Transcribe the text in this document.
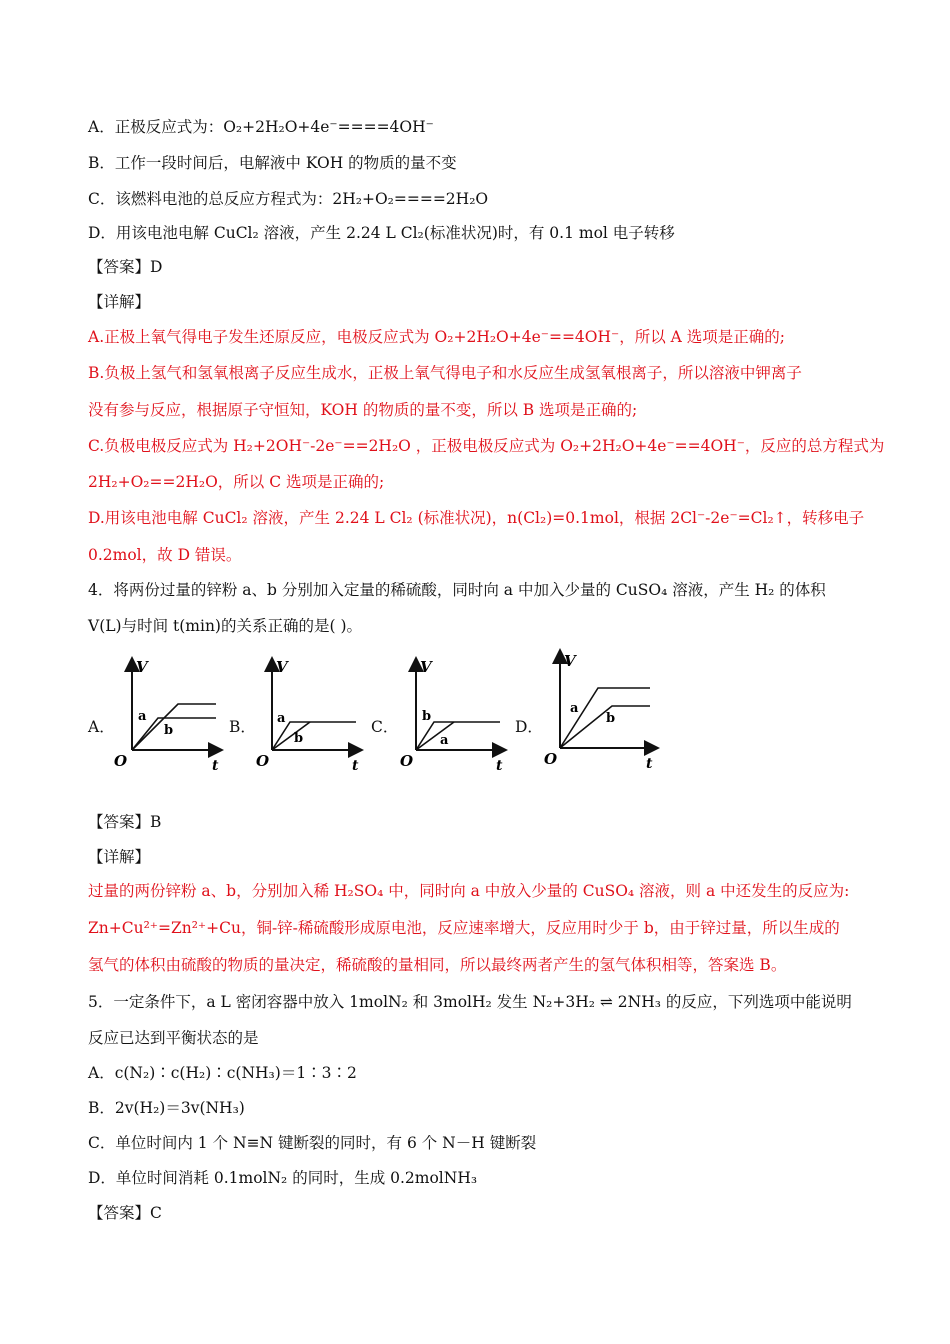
A．正极反应式为：O₂+2H₂O+4e⁻====4OH⁻
B．工作一段时间后，电解液中 KOH 的物质的量不变
C．该燃料电池的总反应方程式为：2H₂+O₂====2H₂O
D．用该电池电解 CuCl₂ 溶液，产生 2.24 L Cl₂(标准状况)时，有 0.1 mol 电子转移
【答案】D
【详解】
A.正极上氧气得电子发生还原反应，电极反应式为 O₂+2H₂O+4e⁻==4OH⁻，所以 A 选项是正确的;
B.负极上氢气和氢氧根离子反应生成水，正极上氧气得电子和水反应生成氢氧根离子，所以溶液中钾离子
没有参与反应，根据原子守恒知，KOH 的物质的量不变，所以 B 选项是正确的;
C.负极电极反应式为 H₂+2OH⁻-2e⁻==2H₂O ，正极电极反应式为 O₂+2H₂O+4e⁻==4OH⁻，反应的总方程式为
2H₂+O₂==2H₂O，所以 C 选项是正确的;
D.用该电池电解 CuCl₂ 溶液，产生 2.24 L Cl₂ (标准状况)，n(Cl₂)=0.1mol，根据 2Cl⁻-2e⁻=Cl₂↑，转移电子
0.2mol，故 D 错误。
4．将两份过量的锌粉 a、b 分别加入定量的稀硫酸，同时向 a 中加入少量的 CuSO₄ 溶液，产生 H₂ 的体积
V(L)与时间 t(min)的关系正确的是( )。
A．	B．	C．	D．
V
O	t
a
b
V
O	t
a
b
V
O	t
b
a
V
O	t
a
b
【答案】B
【详解】
过量的两份锌粉 a、b，分别加入稀 H₂SO₄ 中，同时向 a 中放入少量的 CuSO₄ 溶液，则 a 中还发生的反应为:
Zn+Cu²⁺=Zn²⁺+Cu，铜-锌-稀硫酸形成原电池，反应速率增大，反应用时少于 b，由于锌过量，所以生成的
氢气的体积由硫酸的物质的量决定，稀硫酸的量相同，所以最终两者产生的氢气体积相等，答案选 B。
5．一定条件下，a L 密闭容器中放入 1molN₂ 和 3molH₂ 发生 N₂+3H₂ ⇌ 2NH₃ 的反应，下列选项中能说明
反应已达到平衡状态的是
A．c(N₂)∶c(H₂)∶c(NH₃)＝1∶3∶2
B．2v(H₂)＝3v(NH₃)
C．单位时间内 1 个 N≡N 键断裂的同时，有 6 个 N－H 键断裂
D．单位时间消耗 0.1molN₂ 的同时，生成 0.2molNH₃
【答案】C
